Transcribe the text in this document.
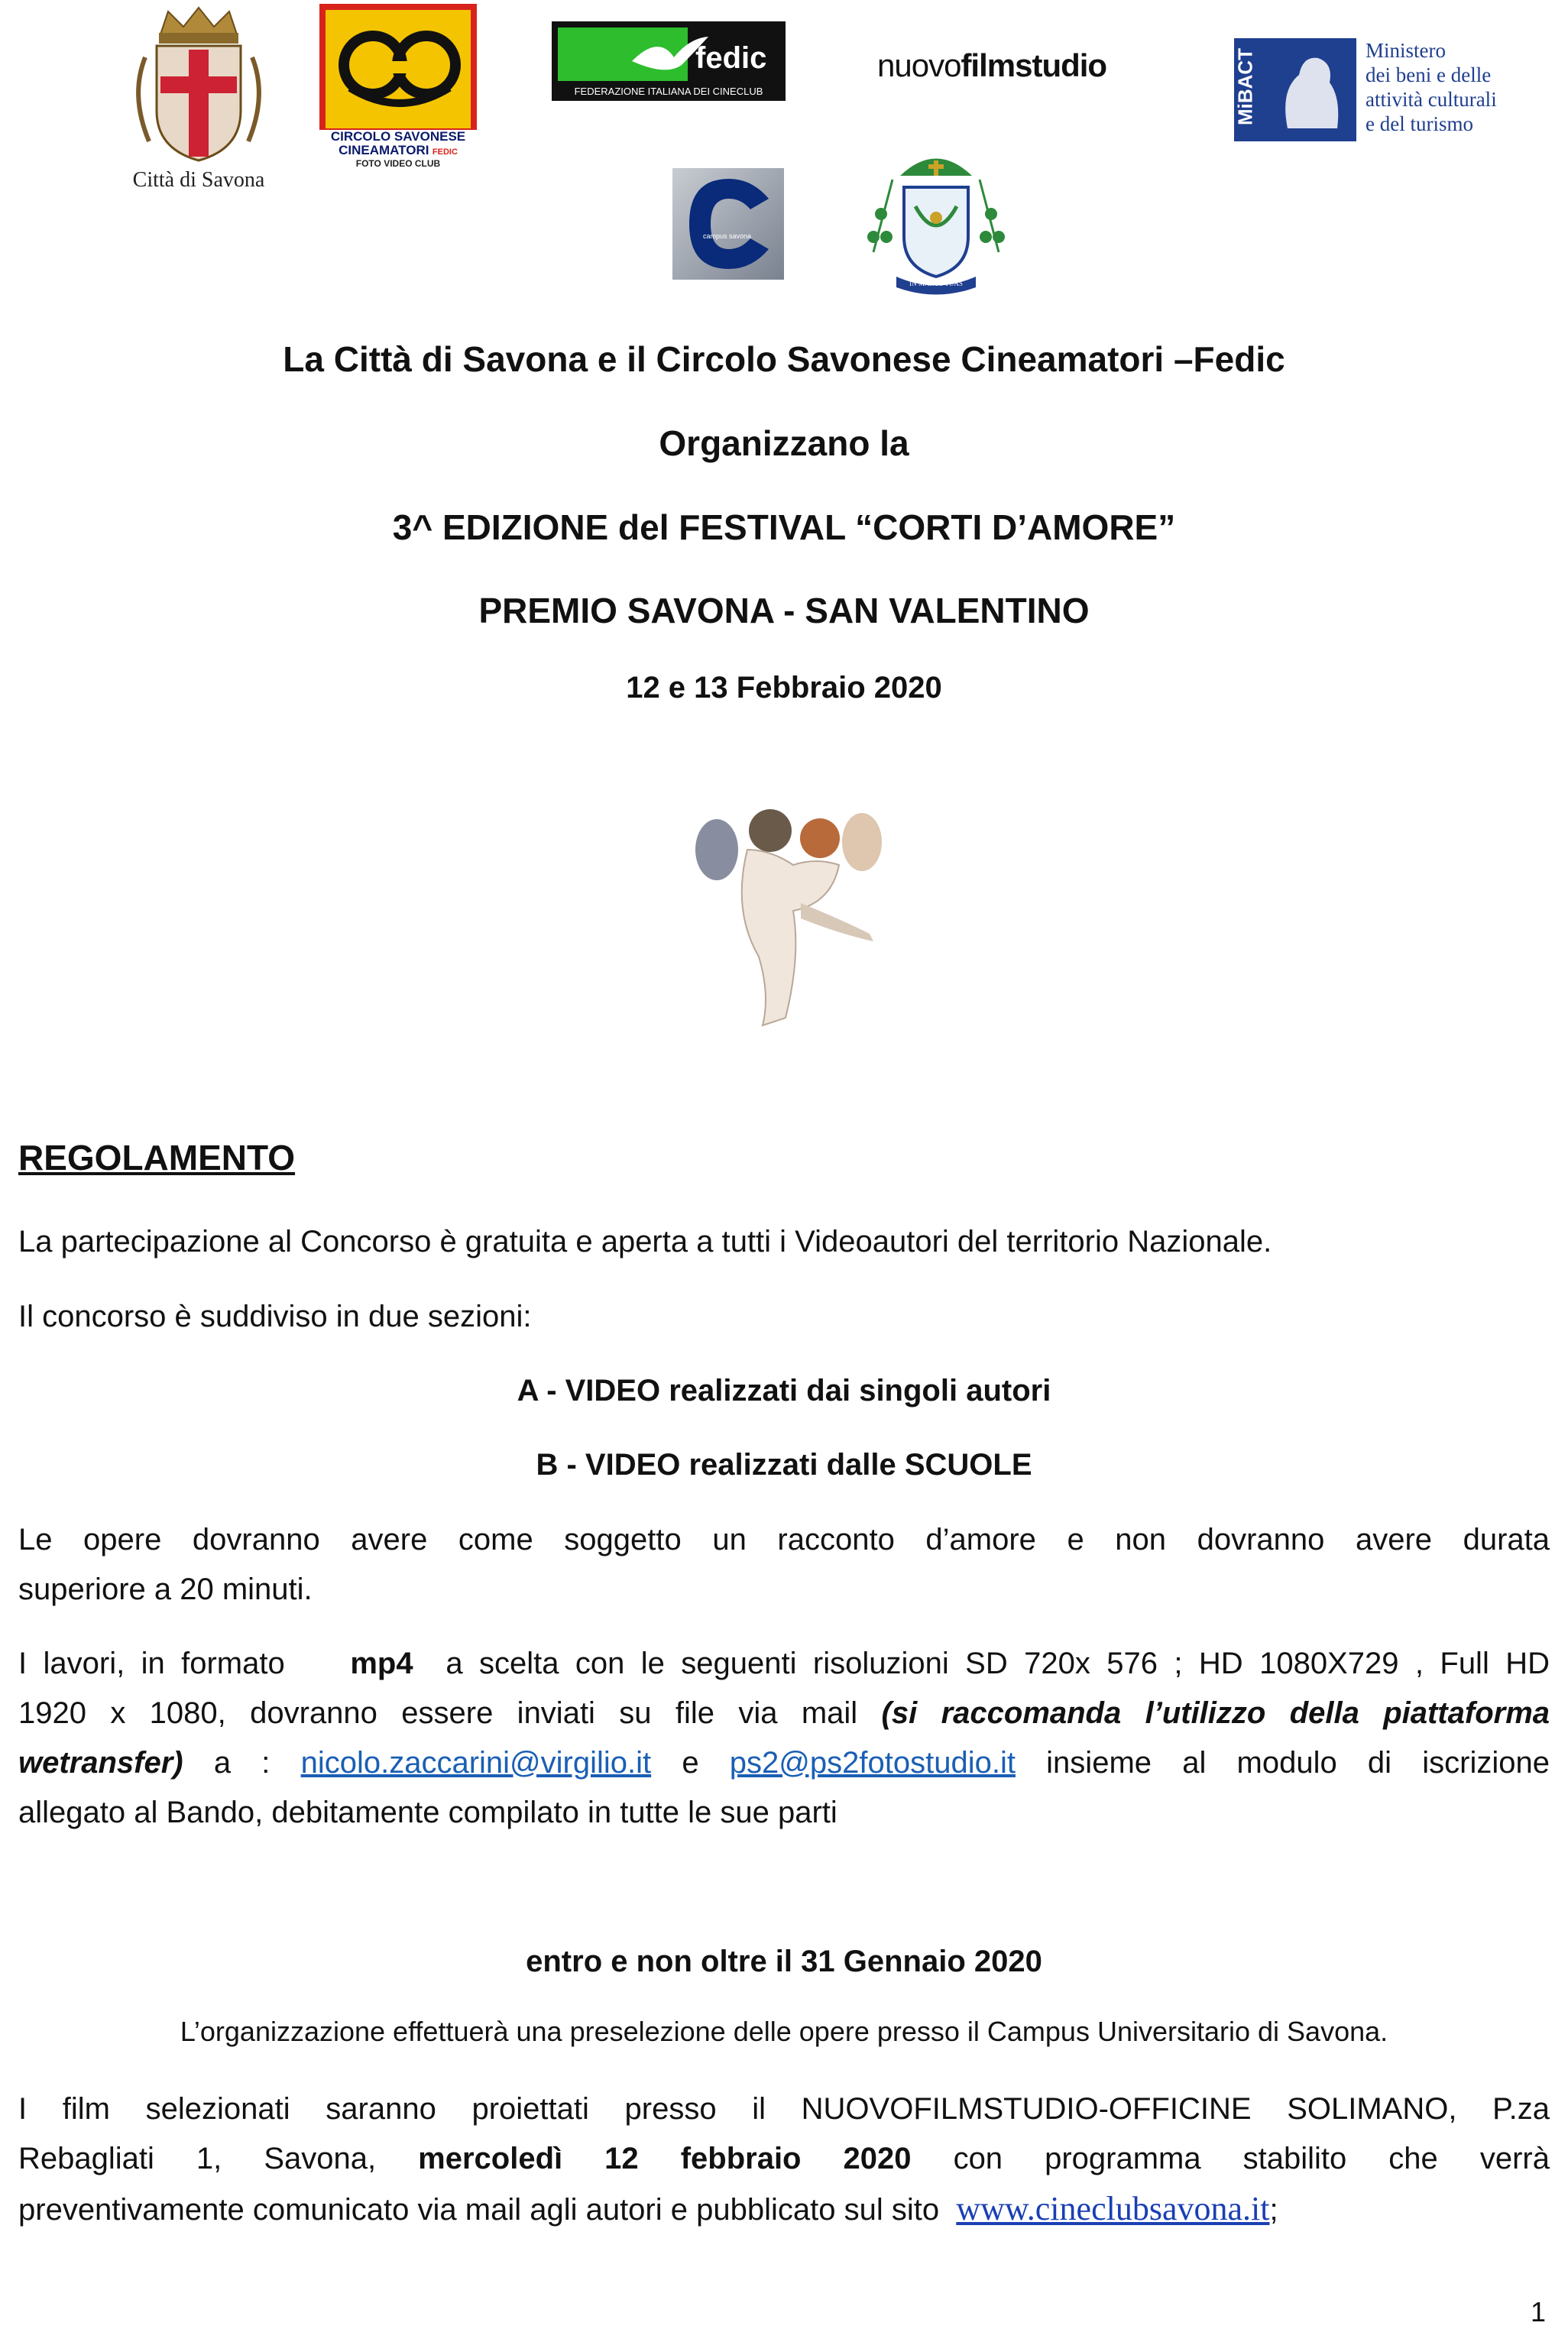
Città di Savona
CIRCOLO SAVONESE
CINEAMATORI FEDIC
FOTO VIDEO CLUB
fedic
FEDERAZIONE ITALIANA DEI CINECLUB
nuovofilmstudio	MiBACT	Ministero
dei beni e delle
attività culturali
e del turismo
campus savona
IN MANUS TUAS
La Città di Savona e il Circolo Savonese Cineamatori –Fedic
Organizzano la
3^ EDIZIONE del FESTIVAL “CORTI D’AMORE”
PREMIO SAVONA - SAN VALENTINO
12 e 13 Febbraio 2020
REGOLAMENTO
La partecipazione al Concorso è gratuita e aperta a tutti i Videoautori del territorio Nazionale.
Il concorso è suddiviso in due sezioni:
A - VIDEO realizzati dai singoli autori
B - VIDEO realizzati dalle SCUOLE
Le opere dovranno avere come soggetto un racconto d’amore e non dovranno avere durata
superiore a 20 minuti.
I lavori, in formato mp4 a scelta con le seguenti risoluzioni SD 720x 576 ; HD 1080X729 , Full HD
1920 x 1080, dovranno essere inviati su file via mail (si raccomanda l’utilizzo della piattaforma
wetransfer) a : nicolo.zaccarini@virgilio.it e ps2@ps2fotostudio.it insieme al modulo di iscrizione
allegato al Bando, debitamente compilato in tutte le sue parti
entro e non oltre il 31 Gennaio 2020
L’organizzazione effettuerà una preselezione delle opere presso il Campus Universitario di Savona.
I film selezionati saranno proiettati presso il NUOVOFILMSTUDIO-OFFICINE SOLIMANO, P.za
Rebagliati 1, Savona, mercoledì 12 febbraio 2020 con programma stabilito che verrà
preventivamente comunicato via mail agli autori e pubblicato sul sito www.cineclubsavona.it;
1
